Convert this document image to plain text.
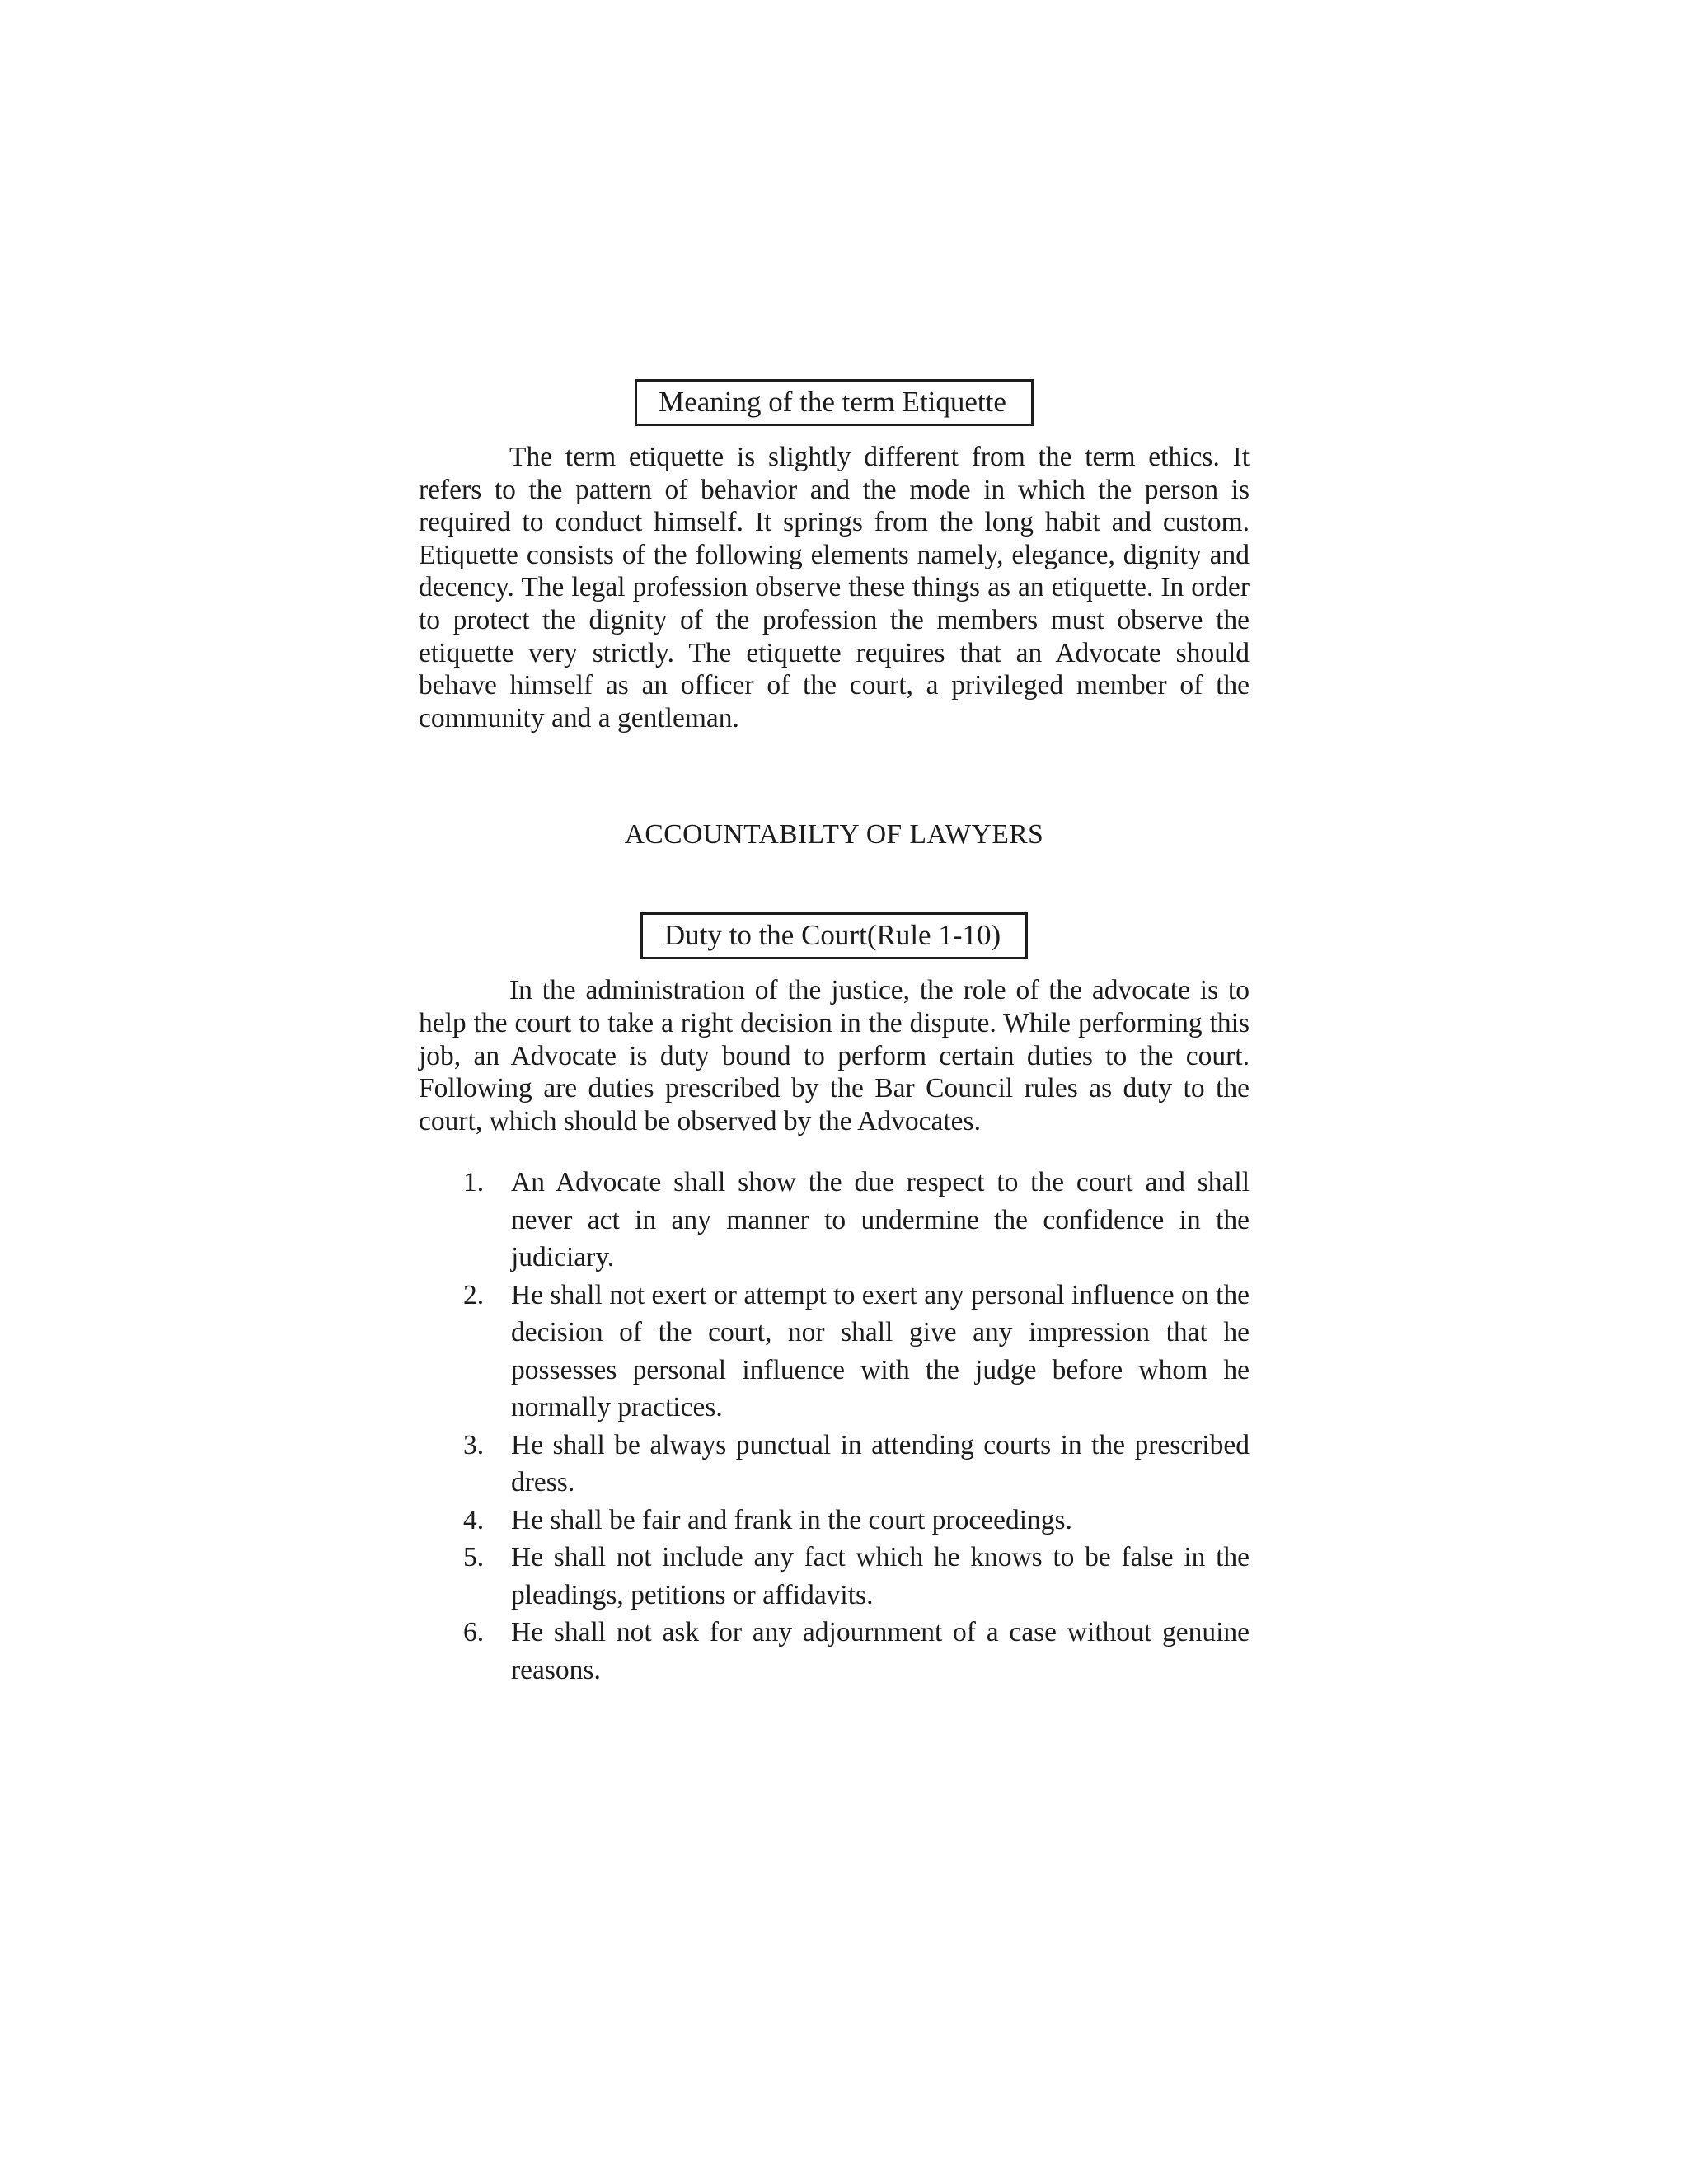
Meaning of the term Etiquette

The term etiquette is slightly different from the term ethics. It refers to the pattern of behavior and the mode in which the person is required to conduct himself. It springs from the long habit and custom. Etiquette consists of the following elements namely, elegance, dignity and decency. The legal profession observe these things as an etiquette. In order to protect the dignity of the profession the members must observe the etiquette very strictly. The etiquette requires that an Advocate should behave himself as an officer of the court, a privileged member of the community and a gentleman.

ACCOUNTABILTY OF LAWYERS

Duty to the Court(Rule 1-10)

In the administration of the justice, the role of the advocate is to help the court to take a right decision in the dispute. While performing this job, an Advocate is duty bound to perform certain duties to the court. Following are duties prescribed by the Bar Council rules as duty to the court, which should be observed by the Advocates.

1. An Advocate shall show the due respect to the court and shall never act in any manner to undermine the confidence in the judiciary.
2. He shall not exert or attempt to exert any personal influence on the decision of the court, nor shall give any impression that he possesses personal influence with the judge before whom he normally practices.
3. He shall be always punctual in attending courts in the prescribed dress.
4. He shall be fair and frank in the court proceedings.
5. He shall not include any fact which he knows to be false in the pleadings, petitions or affidavits.
6. He shall not ask for any adjournment of a case without genuine reasons.
